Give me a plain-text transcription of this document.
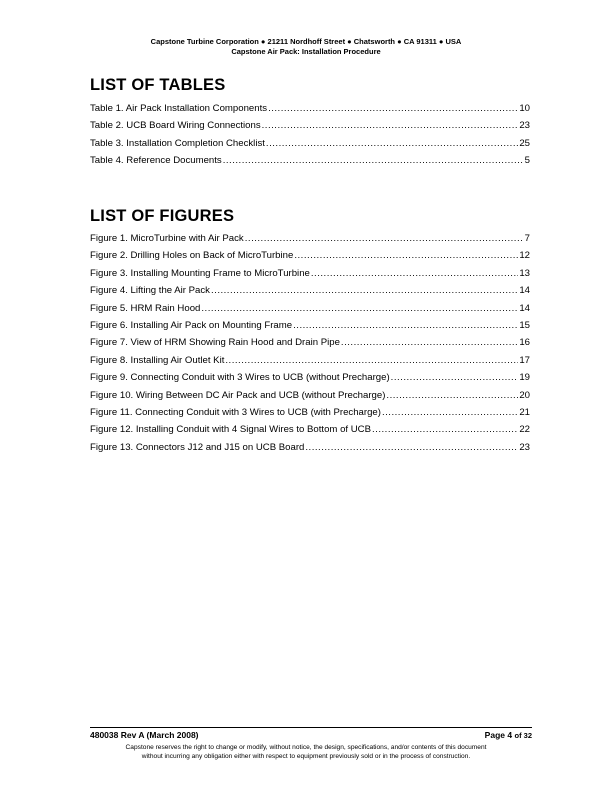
Capstone Turbine Corporation ● 21211 Nordhoff Street ● Chatsworth ● CA 91311 ● USA
Capstone Air Pack: Installation Procedure
LIST OF TABLES
Table 1. Air Pack Installation Components .....	10
Table 2. UCB Board Wiring Connections .....	23
Table 3. Installation Completion Checklist .....	25
Table 4. Reference Documents .....	5
LIST OF FIGURES
Figure 1. MicroTurbine with Air Pack .....	7
Figure 2. Drilling Holes on Back of MicroTurbine .....	12
Figure 3. Installing Mounting Frame to MicroTurbine .....	13
Figure 4. Lifting the Air Pack .....	14
Figure 5. HRM Rain Hood .....	14
Figure 6. Installing Air Pack on Mounting Frame .....	15
Figure 7. View of HRM Showing Rain Hood and Drain Pipe .....	16
Figure 8. Installing Air Outlet Kit .....	17
Figure 9. Connecting Conduit with 3 Wires to UCB (without Precharge) .....	19
Figure 10. Wiring Between DC Air Pack and UCB (without Precharge) .....	20
Figure 11. Connecting Conduit with 3 Wires to UCB (with Precharge) .....	21
Figure 12. Installing Conduit with 4 Signal Wires to Bottom of UCB .....	22
Figure 13. Connectors J12 and J15 on UCB Board .....	23
480038 Rev A (March 2008)	Page 4 of 32
Capstone reserves the right to change or modify, without notice, the design, specifications, and/or contents of this document
without incurring any obligation either with respect to equipment previously sold or in the process of construction.
